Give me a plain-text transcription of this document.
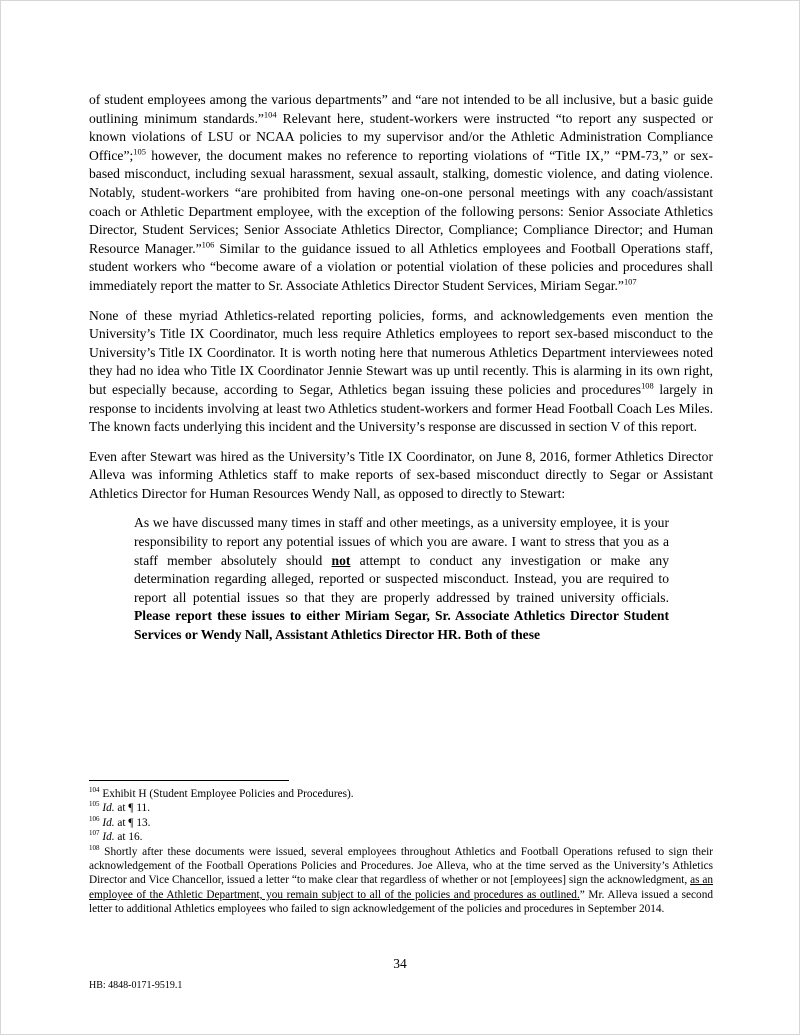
of student employees among the various departments” and “are not intended to be all inclusive, but a basic guide outlining minimum standards.”$^{104}$ Relevant here, student-workers were instructed “to report any suspected or known violations of LSU or NCAA policies to my supervisor and/or the Athletic Administration Compliance Office”;$^{105}$ however, the document makes no reference to reporting violations of “Title IX,” “PM-73,” or sex-based misconduct, including sexual harassment, sexual assault, stalking, domestic violence, and dating violence. Notably, student-workers “are prohibited from having one-on-one personal meetings with any coach/assistant coach or Athletic Department employee, with the exception of the following persons: Senior Associate Athletics Director, Student Services; Senior Associate Athletics Director, Compliance; Compliance Director; and Human Resource Manager.”$^{106}$ Similar to the guidance issued to all Athletics employees and Football Operations staff, student workers who “become aware of a violation or potential violation of these policies and procedures shall immediately report the matter to Sr. Associate Athletics Director Student Services, Miriam Segar.”$^{107}$

None of these myriad Athletics-related reporting policies, forms, and acknowledgements even mention the University’s Title IX Coordinator, much less require Athletics employees to report sex-based misconduct to the University’s Title IX Coordinator. It is worth noting here that numerous Athletics Department interviewees noted they had no idea who Title IX Coordinator Jennie Stewart was up until recently. This is alarming in its own right, but especially because, according to Segar, Athletics began issuing these policies and procedures$^{108}$ largely in response to incidents involving at least two Athletics student-workers and former Head Football Coach Les Miles. The known facts underlying this incident and the University’s response are discussed in section V of this report.

Even after Stewart was hired as the University’s Title IX Coordinator, on June 8, 2016, former Athletics Director Alleva was informing Athletics staff to make reports of sex-based misconduct directly to Segar or Assistant Athletics Director for Human Resources Wendy Nall, as opposed to directly to Stewart:

As we have discussed many times in staff and other meetings, as a university employee, it is your responsibility to report any potential issues of which you are aware. I want to stress that you as a staff member absolutely should not attempt to conduct any investigation or make any determination regarding alleged, reported or suspected misconduct. Instead, you are required to report all potential issues so that they are properly addressed by trained university officials. Please report these issues to either Miriam Segar, Sr. Associate Athletics Director Student Services or Wendy Nall, Assistant Athletics Director HR. Both of these

$^{104}$ Exhibit H (Student Employee Policies and Procedures).

$^{105}$ Id. at ¶ 11.

$^{106}$ Id. at ¶ 13.

$^{107}$ Id. at 16.

$^{108}$ Shortly after these documents were issued, several employees throughout Athletics and Football Operations refused to sign their acknowledgement of the Football Operations Policies and Procedures. Joe Alleva, who at the time served as the University’s Athletics Director and Vice Chancellor, issued a letter “to make clear that regardless of whether or not [employees] sign the acknowledgment, as an employee of the Athletic Department, you remain subject to all of the policies and procedures as outlined.” Mr. Alleva issued a second letter to additional Athletics employees who failed to sign acknowledgement of the policies and procedures in September 2014.

34
HB: 4848-0171-9519.1
